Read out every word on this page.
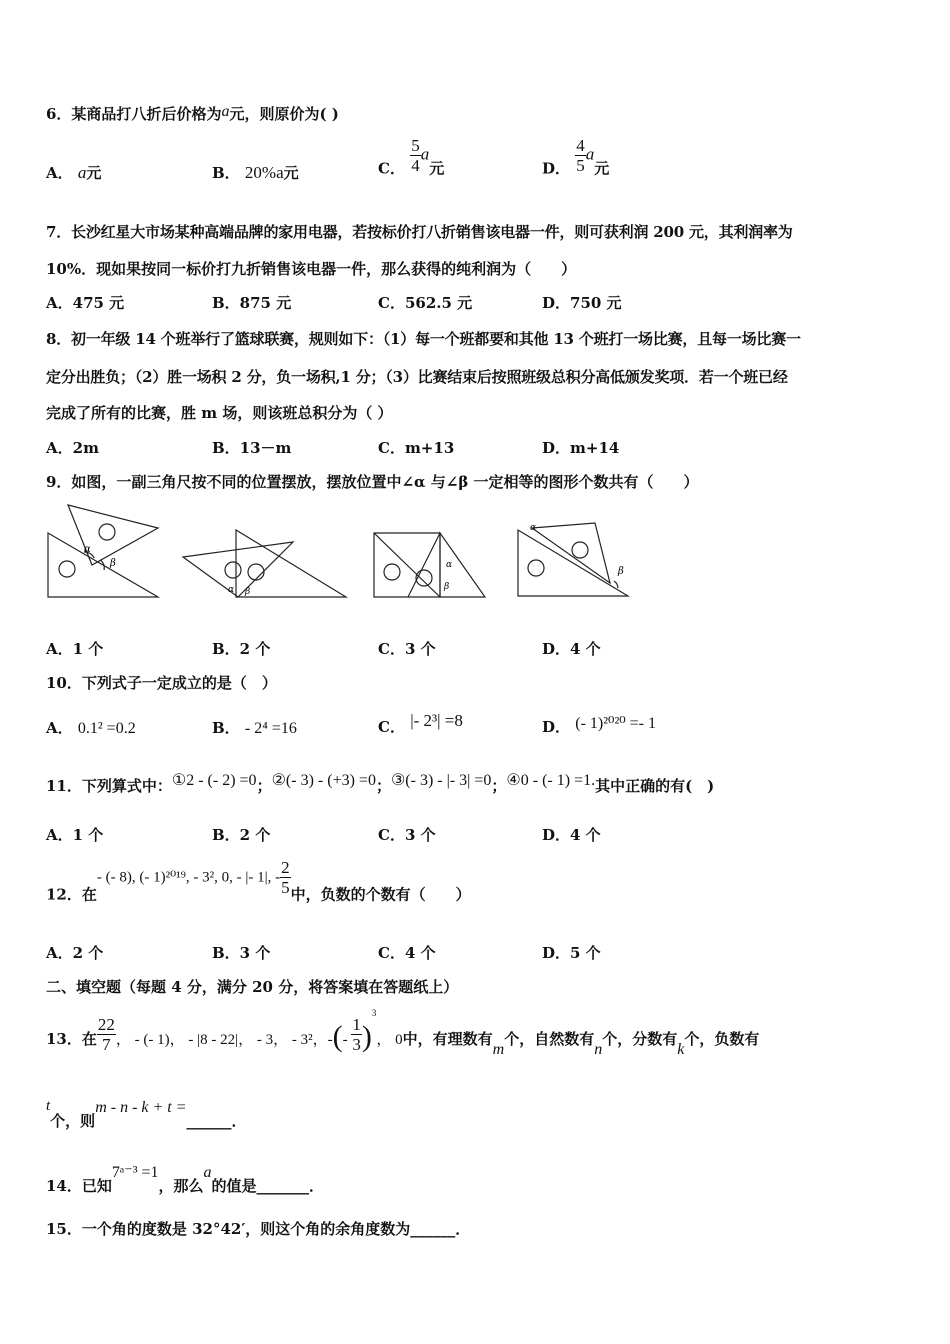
6．某商品打八折后价格为a元，则原价为( )
A． a元	B． 20%a元	C． $\frac{5}{4}$ a元	D． $\frac{4}{5}$ a元
7．长沙红星大市场某种高端品牌的家用电器，若按标价打八折销售该电器一件，则可获利润 200 元，其利润率为
10%．现如果按同一标价打九折销售该电器一件，那么获得的纯利润为（　　）
A．475 元	B．875 元	C．562.5 元	D．750 元
8．初一年级 14 个班举行了篮球联赛，规则如下：（1）每一个班都要和其他 13 个班打一场比赛，且每一场比赛一
定分出胜负；（2）胜一场积 2 分，负一场积,1 分；（3）比赛结束后按照班级总积分高低颁发奖项．若一个班已经
完成了所有的比赛，胜 m 场，则该班总积分为（ ）
A．2m	B．13－m	C．m+13	D．m+14
9．如图，一副三角尺按不同的位置摆放，摆放位置中∠α 与∠β 一定相等的图形个数共有（　　）
α
β
α β
α
β
α
β
A．1 个	B．2 个	C．3 个	D．4 个
10．下列式子一定成立的是（　）
A． 0.1² =0.2	B． - 2⁴ =16	C． |- 2³| =8	D． (- 1)²⁰²⁰ =- 1
11．下列算式中：①2 - (- 2) =0；②(- 3) - (+3) =0；③(- 3) - |- 3| =0；④0 - (- 1) =1.其中正确的有(　)
A．1 个	B．2 个	C．3 个	D．4 个
12．在- (- 8), (- 1)²⁰¹⁹, - 3², 0, - |- 1|, - $\frac{2}{5}$ 中，负数的个数有（　　）
A．2 个	B．3 个	C．4 个	D．5 个
二、填空题（每题 4 分，满分 20 分，将答案填在答题纸上）
13．在 $\frac{22}{7}$ ， - (- 1)， - |8 - 22|， - 3， - 3²，-(- $\frac{1}{3} )^3$， 0中，有理数有m个，自然数有n个，分数有k个，负数有
t个，则m - n - k + t =______．
14．已知7ᵃ⁻³ =1，那么a的值是_______．
15．一个角的度数是 32°42′，则这个角的余角度数为______．
